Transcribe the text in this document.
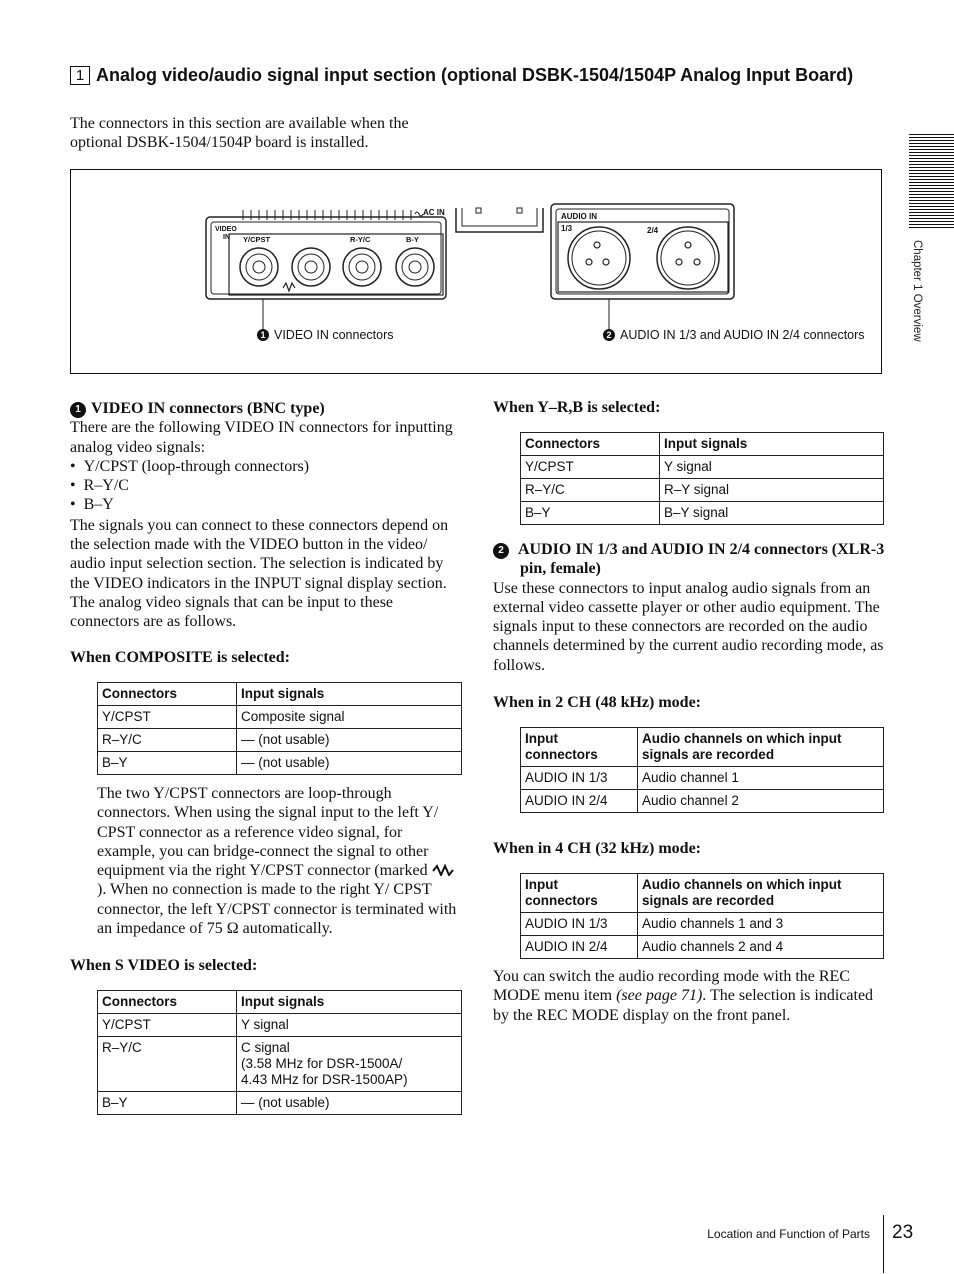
1 Analog video/audio signal input section (optional DSBK-1504/1504P Analog Input Board)

The connectors in this section are available when the optional DSBK-1504/1504P board is installed.

VIDEO
IN	Y/CPST	R-Y/C	B-Y
AC IN	AUDIO IN
1/3	2/4
1 VIDEO IN connectors	2 AUDIO IN 1/3 and AUDIO IN 2/4 connectors

1 VIDEO IN connectors (BNC type)

There are the following VIDEO IN connectors for inputting analog video signals:

•  Y/CPST (loop-through connectors)
•  R–Y/C
•  B–Y

The signals you can connect to these connectors depend on the selection made with the VIDEO button in the video/ audio input selection section. The selection is indicated by the VIDEO indicators in the INPUT signal display section. The analog video signals that can be input to these connectors are as follows.

When COMPOSITE is selected:

Connectors	Input signals
Y/CPST	Composite signal
R–Y/C	— (not usable)
B–Y	— (not usable)

The two Y/CPST connectors are loop-through connectors. When using the signal input to the left Y/ CPST connector as a reference video signal, for example, you can bridge-connect the signal to other equipment via the right Y/CPST connector (marked ). When no connection is made to the right Y/ CPST connector, the left Y/CPST connector is terminated with an impedance of 75 Ω automatically.

When S VIDEO is selected:

Connectors	Input signals
Y/CPST	Y signal
R–Y/C	C signal
(3.58 MHz for DSR-1500A/
4.43 MHz for DSR-1500AP)

B–Y	— (not usable)

When Y–R,B is selected:

Connectors	Input signals
Y/CPST	Y signal
R–Y/C	R–Y signal
B–Y	B–Y signal

2 AUDIO IN 1/3 and AUDIO IN 2/4 connectors (XLR-3 pin, female)

Use these connectors to input analog audio signals from an external video cassette player or other audio equipment. The signals input to these connectors are recorded on the audio channels determined by the current audio recording mode, as follows.

When in 2 CH (48 kHz) mode:

Input connectors	Audio channels on which input signals are recorded
AUDIO IN 1/3	Audio channel 1
AUDIO IN 2/4	Audio channel 2

When in 4 CH (32 kHz) mode:

Input connectors	Audio channels on which input signals are recorded
AUDIO IN 1/3	Audio channels 1 and 3
AUDIO IN 2/4	Audio channels 2 and 4

You can switch the audio recording mode with the REC MODE menu item (see page 71). The selection is indicated by the REC MODE display on the front panel.

Chapter 1 Overview
Location and Function of Parts 23
